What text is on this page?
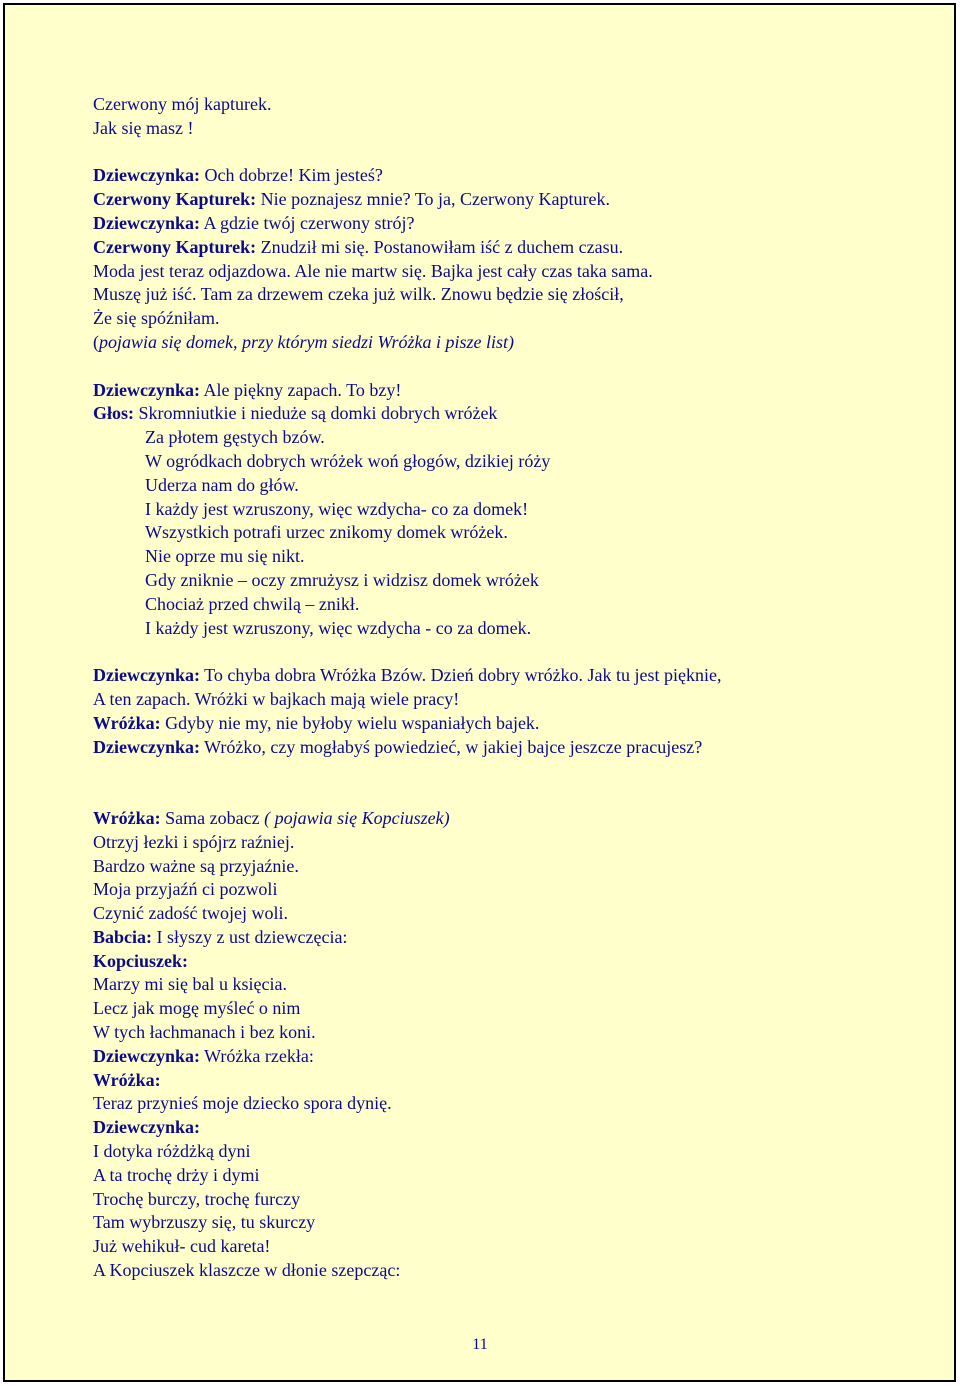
Czerwony mój kapturek.
Jak się masz !
Dziewczynka: Och dobrze! Kim jesteś?
Czerwony Kapturek: Nie poznajesz mnie? To ja, Czerwony Kapturek.
Dziewczynka: A gdzie twój czerwony strój?
Czerwony Kapturek: Znudził mi się. Postanowiłam iść z duchem czasu.
Moda jest teraz odjazdowa. Ale nie martw się. Bajka jest cały czas taka sama.
Muszę już iść. Tam za drzewem czeka już wilk. Znowu będzie się złościł,
Że się spóźniłam.
(pojawia się domek, przy którym siedzi Wróżka i pisze list)
Dziewczynka: Ale piękny zapach. To bzy!
Głos: Skromniutkie i nieduże są domki dobrych wróżek
Za płotem gęstych bzów.
W ogródkach dobrych wróżek woń głogów, dzikiej róży
Uderza nam do głów.
I każdy jest wzruszony, więc wzdycha- co za domek!
Wszystkich potrafi urzec znikomy domek wróżek.
Nie oprze mu się nikt.
Gdy zniknie – oczy zmrużysz i widzisz domek wróżek
Chociaż przed chwilą – znikł.
I każdy jest wzruszony, więc wzdycha - co za domek.
Dziewczynka: To chyba dobra Wróżka Bzów. Dzień dobry wróżko. Jak tu jest pięknie,
A ten zapach. Wróżki w bajkach mają wiele pracy!
Wróżka: Gdyby nie my, nie byłoby wielu wspaniałych bajek.
Dziewczynka: Wróżko, czy mogłabyś powiedzieć, w jakiej bajce jeszcze pracujesz?
Wróżka: Sama zobacz ( pojawia się Kopciuszek)
Otrzyj łezki i spójrz raźniej.
Bardzo ważne są przyjaźnie.
Moja przyjaźń ci pozwoli
Czynić zadość twojej woli.
Babcia: I słyszy z ust dziewczęcia:
Kopciuszek:
Marzy mi się bal u księcia.
Lecz jak mogę myśleć o nim
W tych łachmanach i bez koni.
Dziewczynka: Wróżka rzekła:
Wróżka:
Teraz przynieś moje dziecko spora dynię.
Dziewczynka:
I dotyka różdżką dyni
A ta trochę drży i dymi
Trochę burczy, trochę furczy
Tam wybrzuszy się, tu skurczy
Już wehikuł- cud kareta!
A Kopciuszek klaszcze w dłonie szepcząc:
11
